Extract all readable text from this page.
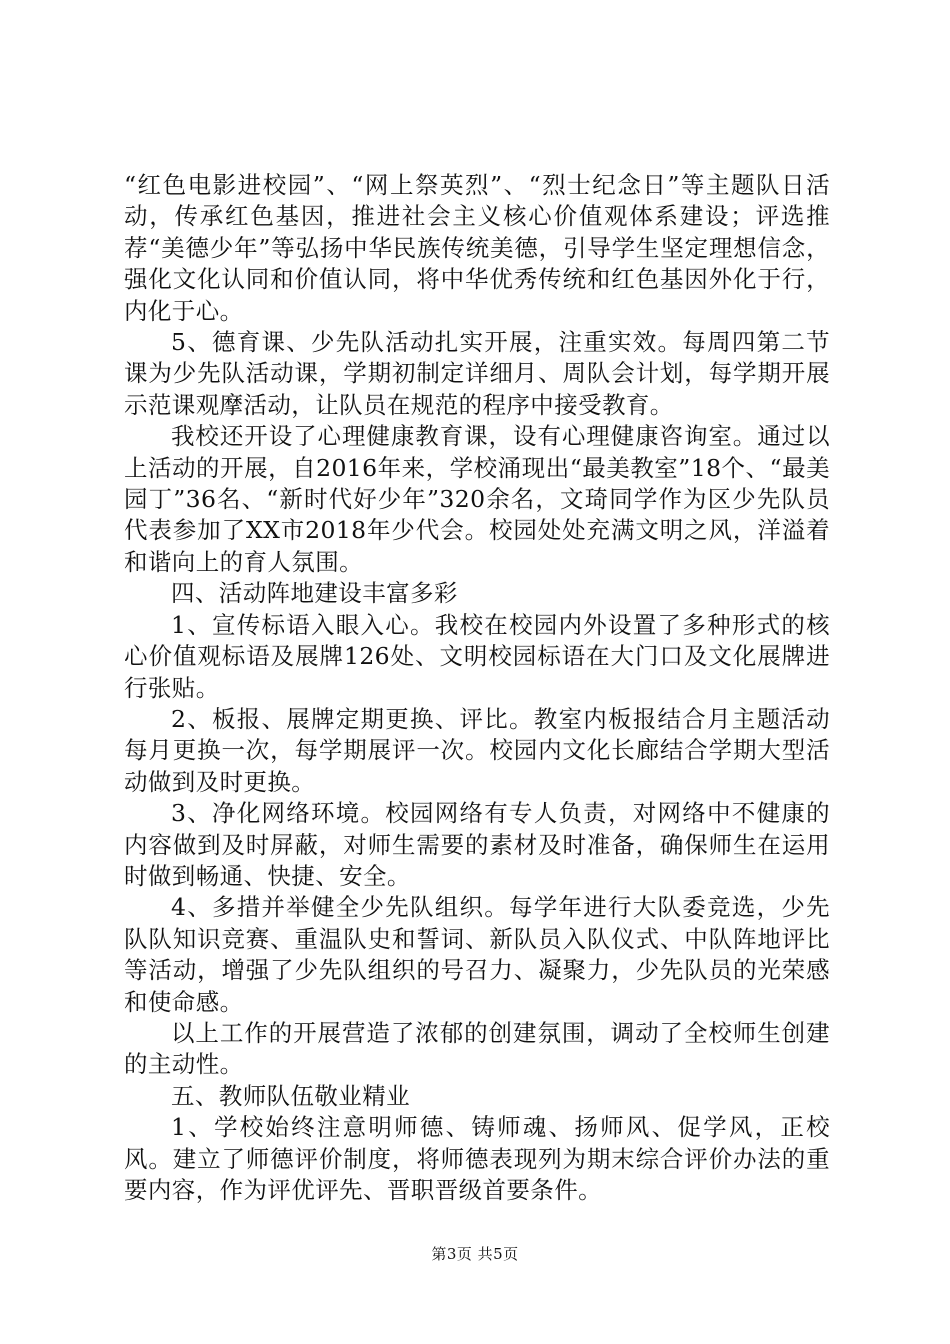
“红色电影进校园”、“网上祭英烈”、“烈士纪念日”等主题队日活动，传承红色基因，推进社会主义核心价值观体系建设；评选推荐“美德少年”等弘扬中华民族传统美德，引导学生坚定理想信念，强化文化认同和价值认同，将中华优秀传统和红色基因外化于行，内化于心。

5、德育课、少先队活动扎实开展，注重实效。每周四第二节课为少先队活动课，学期初制定详细月、周队会计划，每学期开展示范课观摩活动，让队员在规范的程序中接受教育。

我校还开设了心理健康教育课，设有心理健康咨询室。通过以上活动的开展，自2016年来，学校涌现出“最美教室”18个、“最美园丁”36名、“新时代好少年”320余名，文琦同学作为区少先队员代表参加了XX市2018年少代会。校园处处充满文明之风，洋溢着和谐向上的育人氛围。

四、活动阵地建设丰富多彩

1、宣传标语入眼入心。我校在校园内外设置了多种形式的核心价值观标语及展牌126处、文明校园标语在大门口及文化展牌进行张贴。

2、板报、展牌定期更换、评比。教室内板报结合月主题活动每月更换一次，每学期展评一次。校园内文化长廊结合学期大型活动做到及时更换。

3、净化网络环境。校园网络有专人负责，对网络中不健康的内容做到及时屏蔽，对师生需要的素材及时准备，确保师生在运用时做到畅通、快捷、安全。

4、多措并举健全少先队组织。每学年进行大队委竞选，少先队队知识竞赛、重温队史和誓词、新队员入队仪式、中队阵地评比等活动，增强了少先队组织的号召力、凝聚力，少先队员的光荣感和使命感。

以上工作的开展营造了浓郁的创建氛围，调动了全校师生创建的主动性。

五、教师队伍敬业精业

1、学校始终注意明师德、铸师魂、扬师风、促学风，正校风。建立了师德评价制度，将师德表现列为期末综合评价办法的重要内容，作为评优评先、晋职晋级首要条件。

第3页 共5页
